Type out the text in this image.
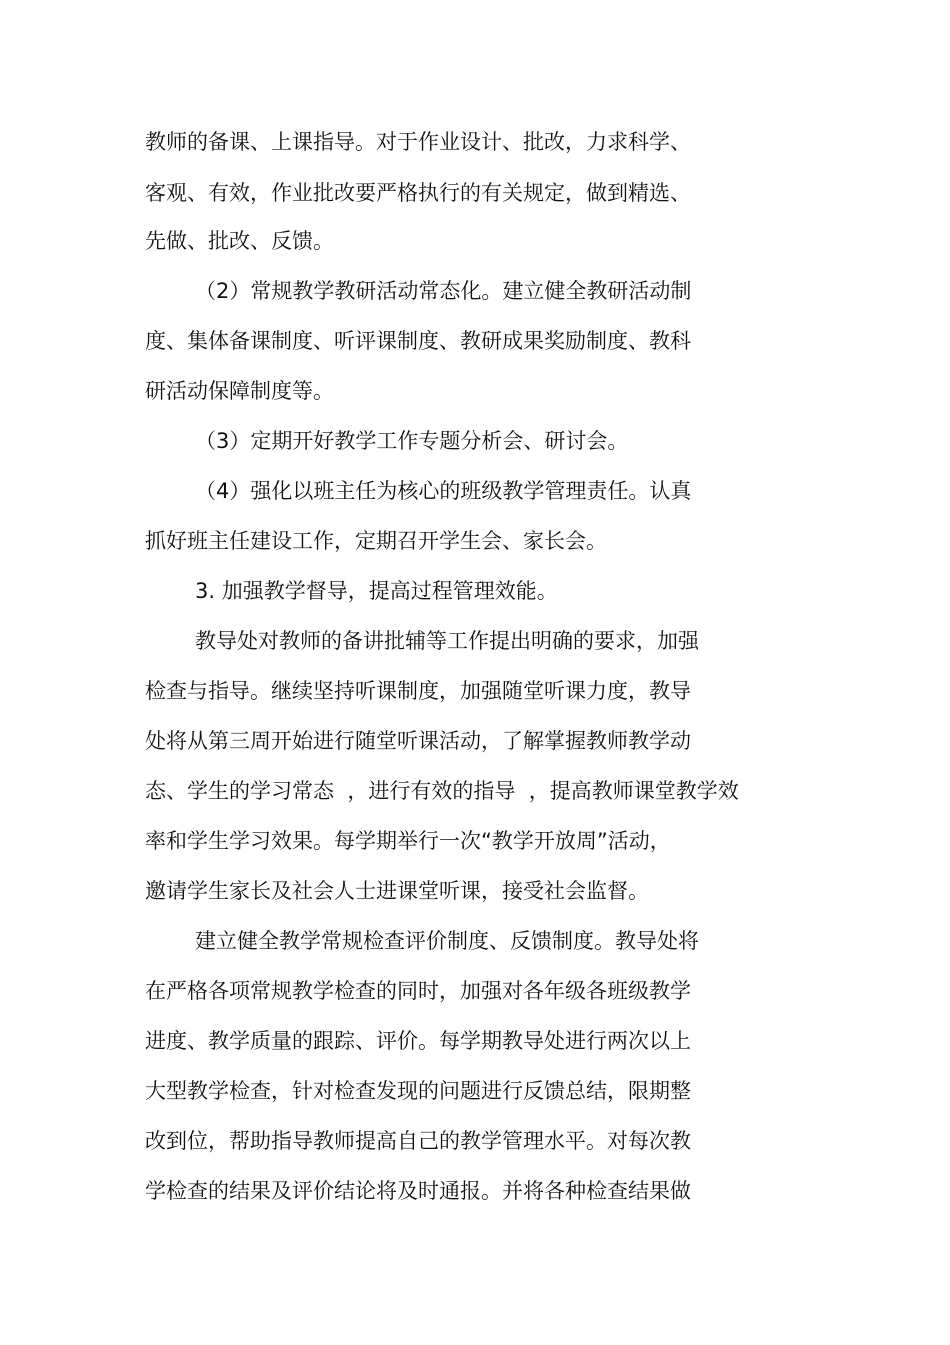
教师的备课、上课指导。对于作业设计、批改，力求科学、
客观、有效，作业批改要严格执行的有关规定，做到精选、
先做、批改、反馈。
（2）常规教学教研活动常态化。建立健全教研活动制
度、集体备课制度、听评课制度、教研成果奖励制度、教科
研活动保障制度等。
（3）定期开好教学工作专题分析会、研讨会。
（4）强化以班主任为核心的班级教学管理责任。认真
抓好班主任建设工作，定期召开学生会、家长会。
3. 加强教学督导，提高过程管理效能。
教导处对教师的备讲批辅等工作提出明确的要求，加强
检查与指导。继续坚持听课制度，加强随堂听课力度，教导
处将从第三周开始进行随堂听课活动，了解掌握教师教学动
态、学生的学习常态  ，进行有效的指导  ，提高教师课堂教学效
率和学生学习效果。每学期举行一次“教学开放周”活动，
邀请学生家长及社会人士进课堂听课，接受社会监督。
建立健全教学常规检查评价制度、反馈制度。教导处将
在严格各项常规教学检查的同时，加强对各年级各班级教学
进度、教学质量的跟踪、评价。每学期教导处进行两次以上
大型教学检查，针对检查发现的问题进行反馈总结，限期整
改到位，帮助指导教师提高自己的教学管理水平。对每次教
学检查的结果及评价结论将及时通报。并将各种检查结果做
